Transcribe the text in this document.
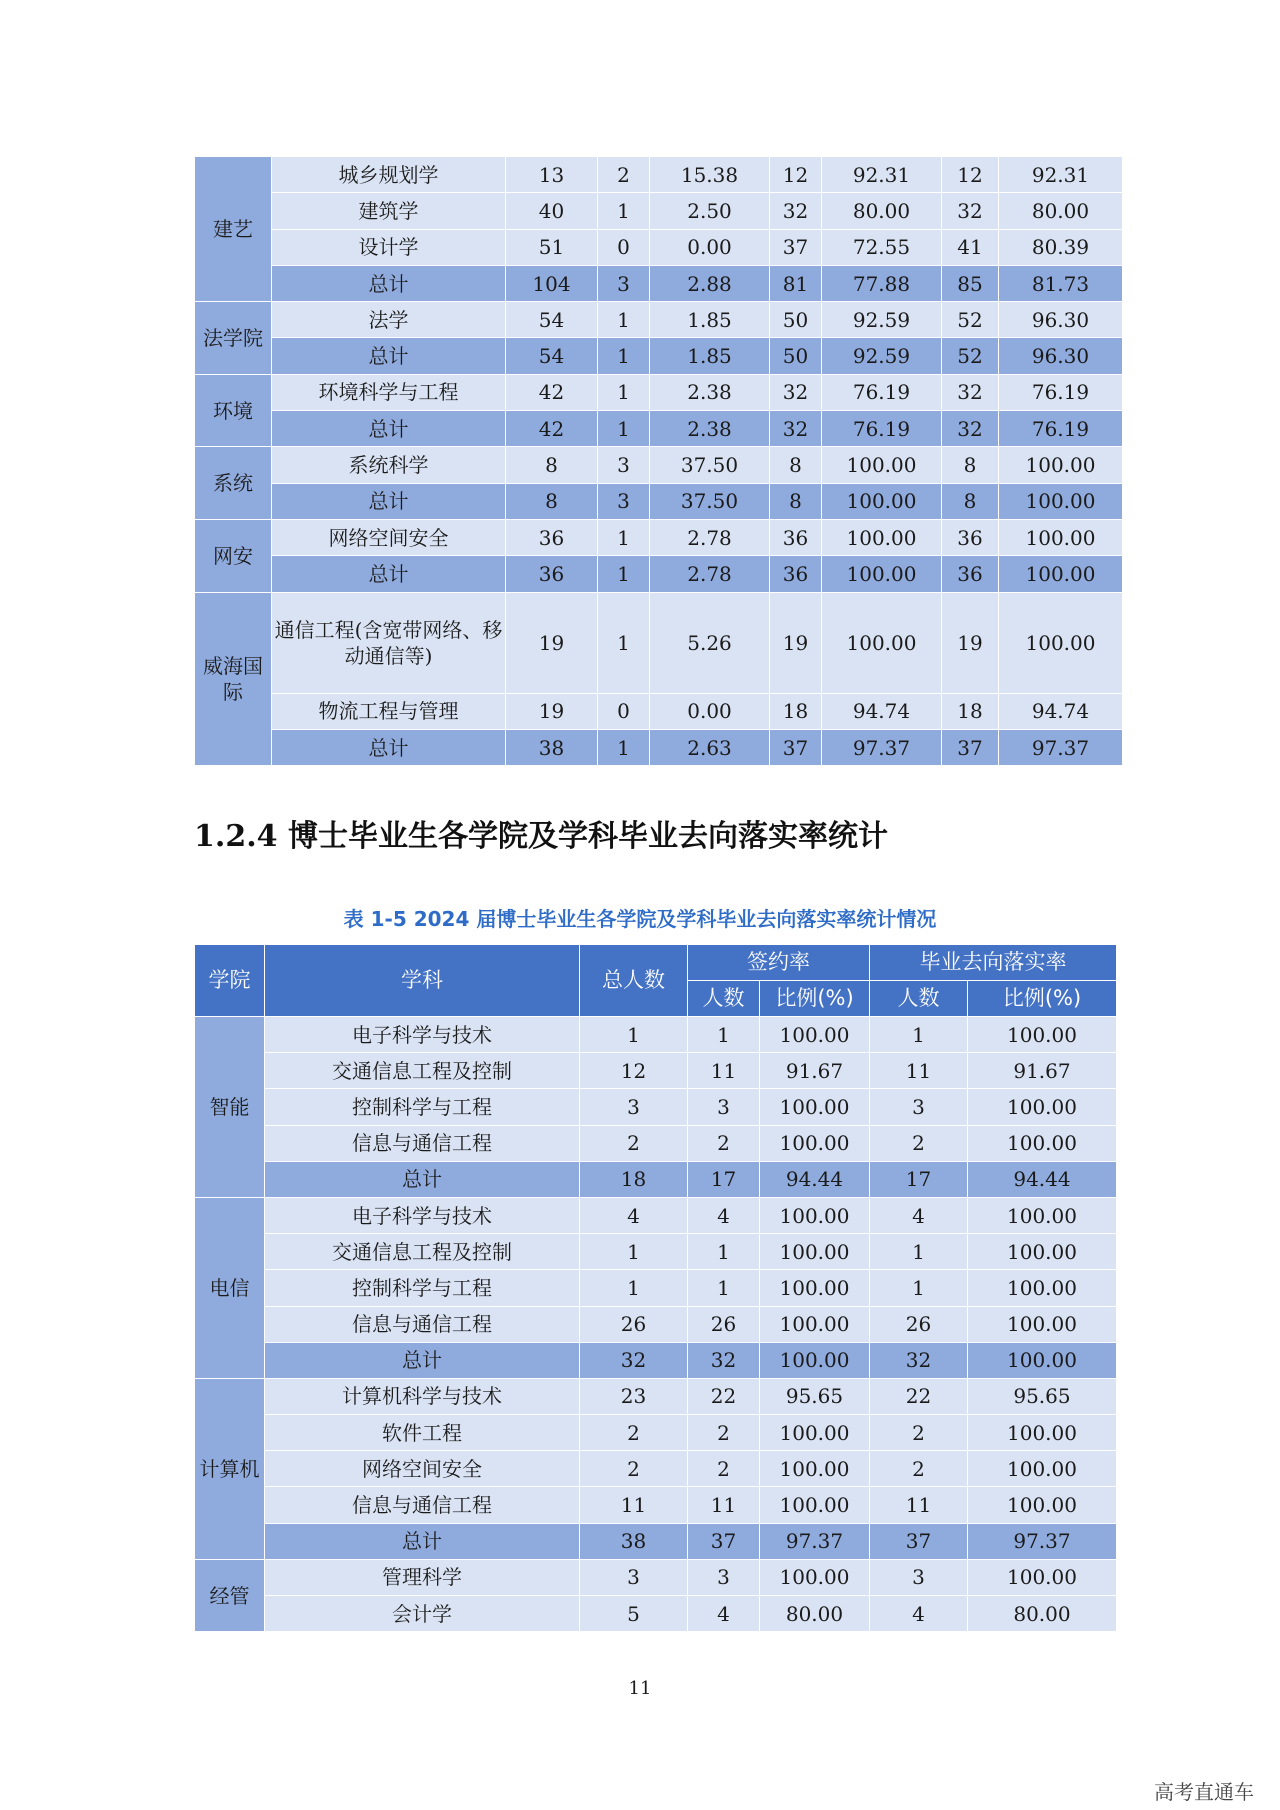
建艺	城乡规划学	13	2	15.38	12	92.31	12	92.31
	建筑学	40	1	2.50	32	80.00	32	80.00
	设计学	51	0	0.00	37	72.55	41	80.39
	总计	104	3	2.88	81	77.88	85	81.73
法学院	法学	54	1	1.85	50	92.59	52	96.30
	总计	54	1	1.85	50	92.59	52	96.30
环境	环境科学与工程	42	1	2.38	32	76.19	32	76.19
	总计	42	1	2.38	32	76.19	32	76.19
系统	系统科学	8	3	37.50	8	100.00	8	100.00
	总计	8	3	37.50	8	100.00	8	100.00
网安	网络空间安全	36	1	2.78	36	100.00	36	100.00
	总计	36	1	2.78	36	100.00	36	100.00
威海国际	通信工程(含宽带网络、移动通信等)	19	1	5.26	19	100.00	19	100.00
	物流工程与管理	19	0	0.00	18	94.74	18	94.74
	总计	38	1	2.63	37	97.37	37	97.37
1.2.4 博士毕业生各学院及学科毕业去向落实率统计
表 1-5 2024 届博士毕业生各学院及学科毕业去向落实率统计情况
学院	学科	总人数	签约率		毕业去向落实率	
			人数	比例(%)	人数	比例(%)
智能	电子科学与技术	1	1	100.00	1	100.00
	交通信息工程及控制	12	11	91.67	11	91.67
	控制科学与工程	3	3	100.00	3	100.00
	信息与通信工程	2	2	100.00	2	100.00
	总计	18	17	94.44	17	94.44
电信	电子科学与技术	4	4	100.00	4	100.00
	交通信息工程及控制	1	1	100.00	1	100.00
	控制科学与工程	1	1	100.00	1	100.00
	信息与通信工程	26	26	100.00	26	100.00
	总计	32	32	100.00	32	100.00
计算机	计算机科学与技术	23	22	95.65	22	95.65
	软件工程	2	2	100.00	2	100.00
	网络空间安全	2	2	100.00	2	100.00
	信息与通信工程	11	11	100.00	11	100.00
	总计	38	37	97.37	37	97.37
经管	管理科学	3	3	100.00	3	100.00
	会计学	5	4	80.00	4	80.00
11
高考直通车
